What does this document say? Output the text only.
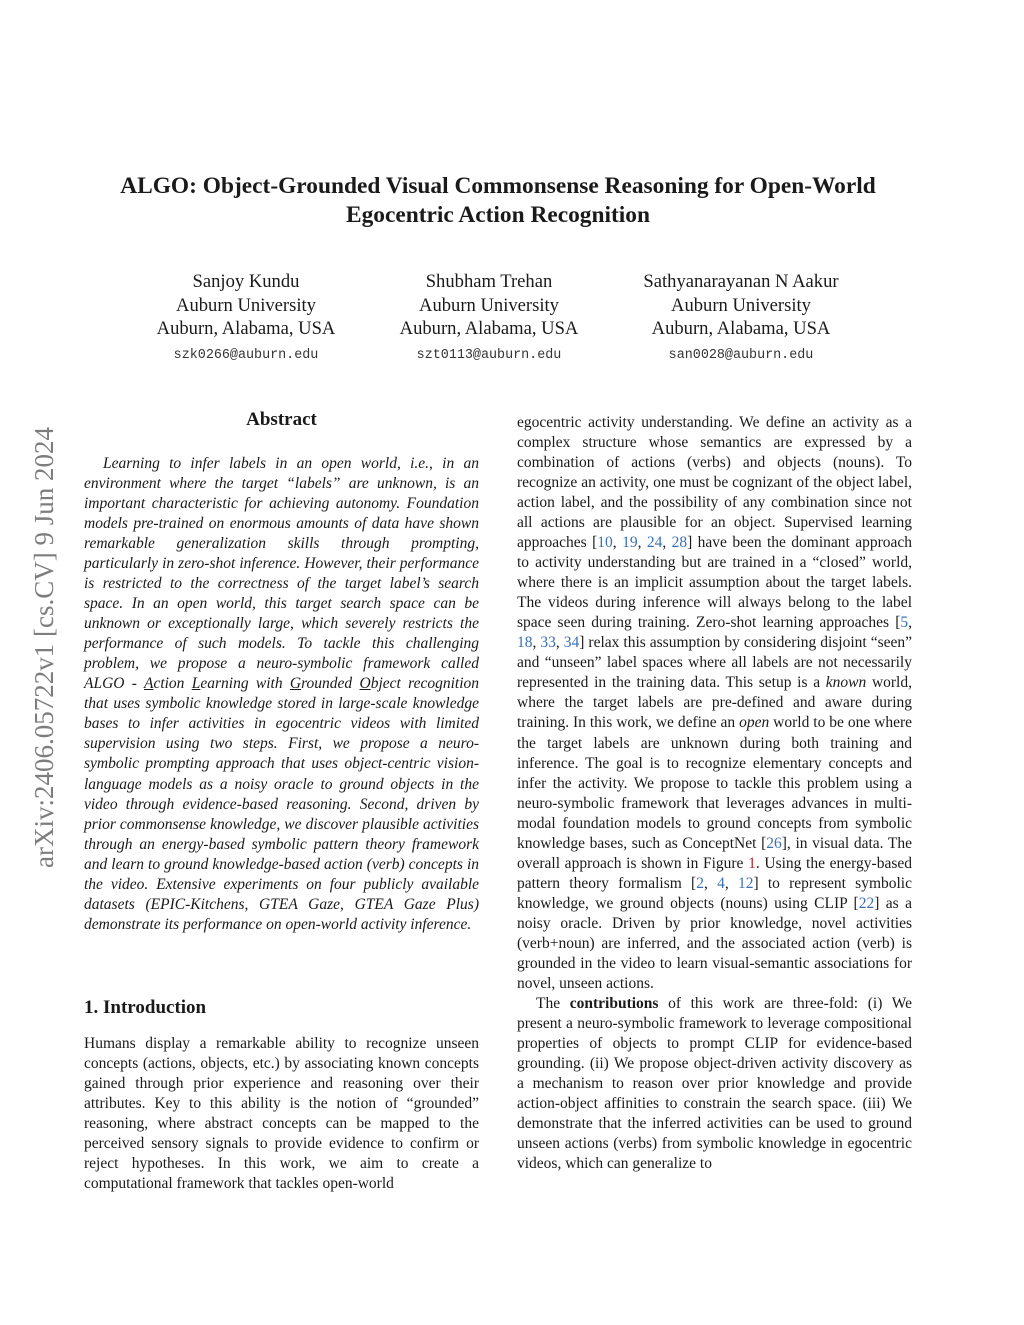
arXiv:2406.05722v1 [cs.CV] 9 Jun 2024
ALGO: Object-Grounded Visual Commonsense Reasoning for Open-World Egocentric Action Recognition
Sanjoy Kundu
Auburn University
Auburn, Alabama, USA
szk0266@auburn.edu
Shubham Trehan
Auburn University
Auburn, Alabama, USA
szt0113@auburn.edu
Sathyanarayanan N Aakur
Auburn University
Auburn, Alabama, USA
san0028@auburn.edu
Abstract

Learning to infer labels in an open world, i.e., in an environment where the target “labels” are unknown, is an important characteristic for achieving autonomy. Foundation models pre-trained on enormous amounts of data have shown remarkable generalization skills through prompting, particularly in zero-shot inference. However, their performance is restricted to the correctness of the target label’s search space. In an open world, this target search space can be unknown or exceptionally large, which severely restricts the performance of such models. To tackle this challenging problem, we propose a neuro-symbolic framework called ALGO - Action Learning with Grounded Object recognition that uses symbolic knowledge stored in large-scale knowledge bases to infer activities in egocentric videos with limited supervision using two steps. First, we propose a neuro-symbolic prompting approach that uses object-centric vision-language models as a noisy oracle to ground objects in the video through evidence-based reasoning. Second, driven by prior commonsense knowledge, we discover plausible activities through an energy-based symbolic pattern theory framework and learn to ground knowledge-based action (verb) concepts in the video. Extensive experiments on four publicly available datasets (EPIC-Kitchens, GTEA Gaze, GTEA Gaze Plus) demonstrate its performance on open-world activity inference.

1. Introduction

Humans display a remarkable ability to recognize unseen concepts (actions, objects, etc.) by associating known concepts gained through prior experience and reasoning over their attributes. Key to this ability is the notion of “grounded” reasoning, where abstract concepts can be mapped to the perceived sensory signals to provide evidence to confirm or reject hypotheses. In this work, we aim to create a computational framework that tackles open-world

egocentric activity understanding. We define an activity as a complex structure whose semantics are expressed by a combination of actions (verbs) and objects (nouns). To recognize an activity, one must be cognizant of the object label, action label, and the possibility of any combination since not all actions are plausible for an object. Supervised learning approaches [10, 19, 24, 28] have been the dominant approach to activity understanding but are trained in a “closed” world, where there is an implicit assumption about the target labels. The videos during inference will always belong to the label space seen during training. Zero-shot learning approaches [5, 18, 33, 34] relax this assumption by considering disjoint “seen” and “unseen” label spaces where all labels are not necessarily represented in the training data. This setup is a known world, where the target labels are pre-defined and aware during training. In this work, we define an open world to be one where the target labels are unknown during both training and inference. The goal is to recognize elementary concepts and infer the activity. We propose to tackle this problem using a neuro-symbolic framework that leverages advances in multi-modal foundation models to ground concepts from symbolic knowledge bases, such as ConceptNet [26], in visual data. The overall approach is shown in Figure 1. Using the energy-based pattern theory formalism [2, 4, 12] to represent symbolic knowledge, we ground objects (nouns) using CLIP [22] as a noisy oracle. Driven by prior knowledge, novel activities (verb+noun) are inferred, and the associated action (verb) is grounded in the video to learn visual-semantic associations for novel, unseen actions.

The contributions of this work are three-fold: (i) We present a neuro-symbolic framework to leverage compositional properties of objects to prompt CLIP for evidence-based grounding. (ii) We propose object-driven activity discovery as a mechanism to reason over prior knowledge and provide action-object affinities to constrain the search space. (iii) We demonstrate that the inferred activities can be used to ground unseen actions (verbs) from symbolic knowledge in egocentric videos, which can generalize to
